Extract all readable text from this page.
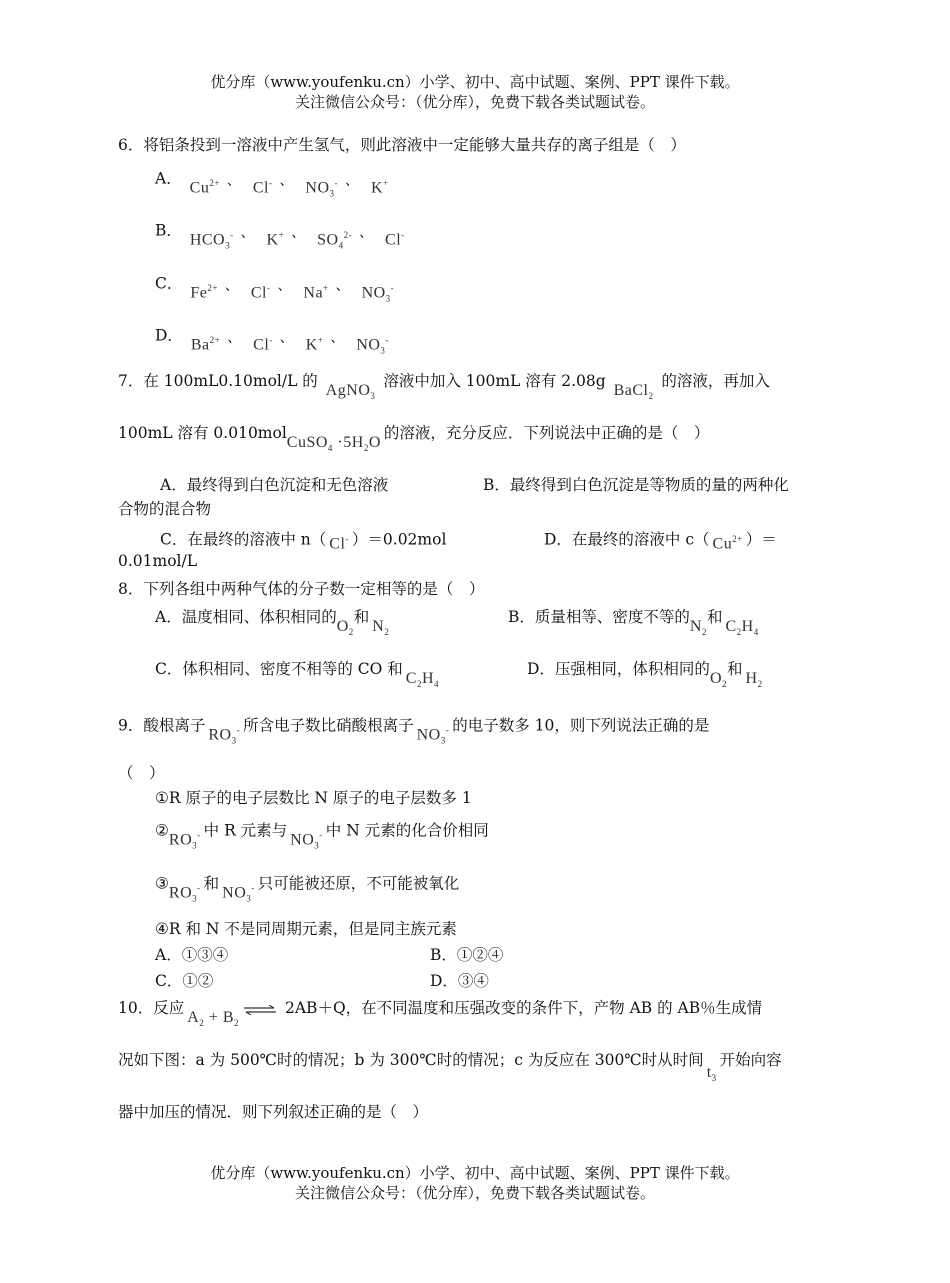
优分库（www.youfenku.cn）小学、初中、高中试题、案例、PPT 课件下载。
关注微信公众号：（优分库），免费下载各类试题试卷。
6．将铝条投到一溶液中产生氢气，则此溶液中一定能够大量共存的离子组是（　）
A． $Cu^{2+}$ 、 Cl- 、 $NO_3^-$ 、 K+
B． $HCO_3^-$ 、 K+ 、 $SO_4^{2-}$ 、 Cl-
C． $Fe^{2+}$ 、 Cl- 、 Na+ 、 $NO_3^-$
D． $Ba^{2+}$ 、 Cl- 、 K+ 、 $NO_3^-$
7．在 100mL0.10mol/L 的 AgNO$_3$ 溶液中加入 100mL 溶有 2.08g BaCl$_2$ 的溶液，再加入
100mL 溶有 0.010molCuSO$_4$ $\cdot 5H_2O$的溶液，充分反应．下列说法中正确的是（　）
A．最终得到白色沉淀和无色溶液	B．最终得到白色沉淀是等物质的量的两种化
合物的混合物
C．在最终的溶液中 n（ Cl- ）＝0.02mol	D．在最终的溶液中 c（ $Cu^{2+}$ ）＝
0.01mol/L
8．下列各组中两种气体的分子数一定相等的是（　）
A．温度相同、体积相同的$O_2$和$N_2$
B．质量相等、密度不等的$N_2$和$C_2H_4$
C．体积相同、密度不相等的 CO 和$C_2H_4$
D．压强相同，体积相同的$O_2$和$H_2$
9．酸根离子$RO_3^-$ 所含电子数比硝酸根离子$NO_3^-$ 的电子数多 10，则下列说法正确的是
（　）
①R 原子的电子层数比 N 原子的电子层数多 1
$②RO_3^-$ 中 R 元素与$NO_3^-$ 中 N 元素的化合价相同
$③RO_3^-$ 和$NO_3^-$ 只可能被还原，不可能被氧化
④R 和 N 不是同周期元素，但是同主族元素
A．①③④	B．①②④
C．①②	D．③④
10．反应$A_2$ + $B_2\rightleftharpoons$ 2AB＋Q，在不同温度和压强改变的条件下，产物 AB 的 AB％生成情
况如下图：a 为 500℃时的情况；b 为 300℃时的情况；c 为反应在 300℃时从时间$t_3$开始向容
器中加压的情况．则下列叙述正确的是（　）
优分库（www.youfenku.cn）小学、初中、高中试题、案例、PPT 课件下载。
关注微信公众号：（优分库），免费下载各类试题试卷。
